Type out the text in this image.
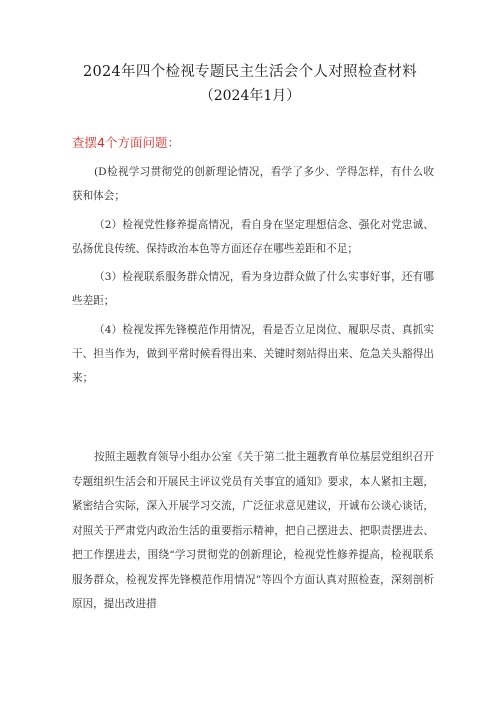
2024年四个检视专题民主生活会个人对照检查材料
（2024年1月）
查摆4个方面问题：

(D检视学习贯彻党的创新理论情况，看学了多少、学得怎样，有什么收获和体会；

（2）检视党性修养提高情况，看自身在坚定理想信念、强化对党忠诚、弘扬优良传统、保持政治本色等方面还存在哪些差距和不足；

（3）检视联系服务群众情况，看为身边群众做了什么实事好事，还有哪些差距；

（4）检视发挥先锋模范作用情况，看是否立足岗位、履职尽责、真抓实干、担当作为，做到平常时候看得出来、关键时刻站得出来、危急关头豁得出来；

按照主题教育领导小组办公室《关于第二批主题教育单位基层党组织召开专题组织生活会和开展民主评议党员有关事宜的通知》要求，本人紧扣主题，紧密结合实际，深入开展学习交流，广泛征求意见建议，开诚布公谈心谈话，对照关于严肃党内政治生活的重要指示精神，把自己摆进去、把职责摆进去、把工作摆进去，围绕“学习贯彻党的创新理论，检视党性修养提高，检视联系服务群众，检视发挥先锋模范作用情况”等四个方面认真对照检查，深刻剖析原因，提出改进措
